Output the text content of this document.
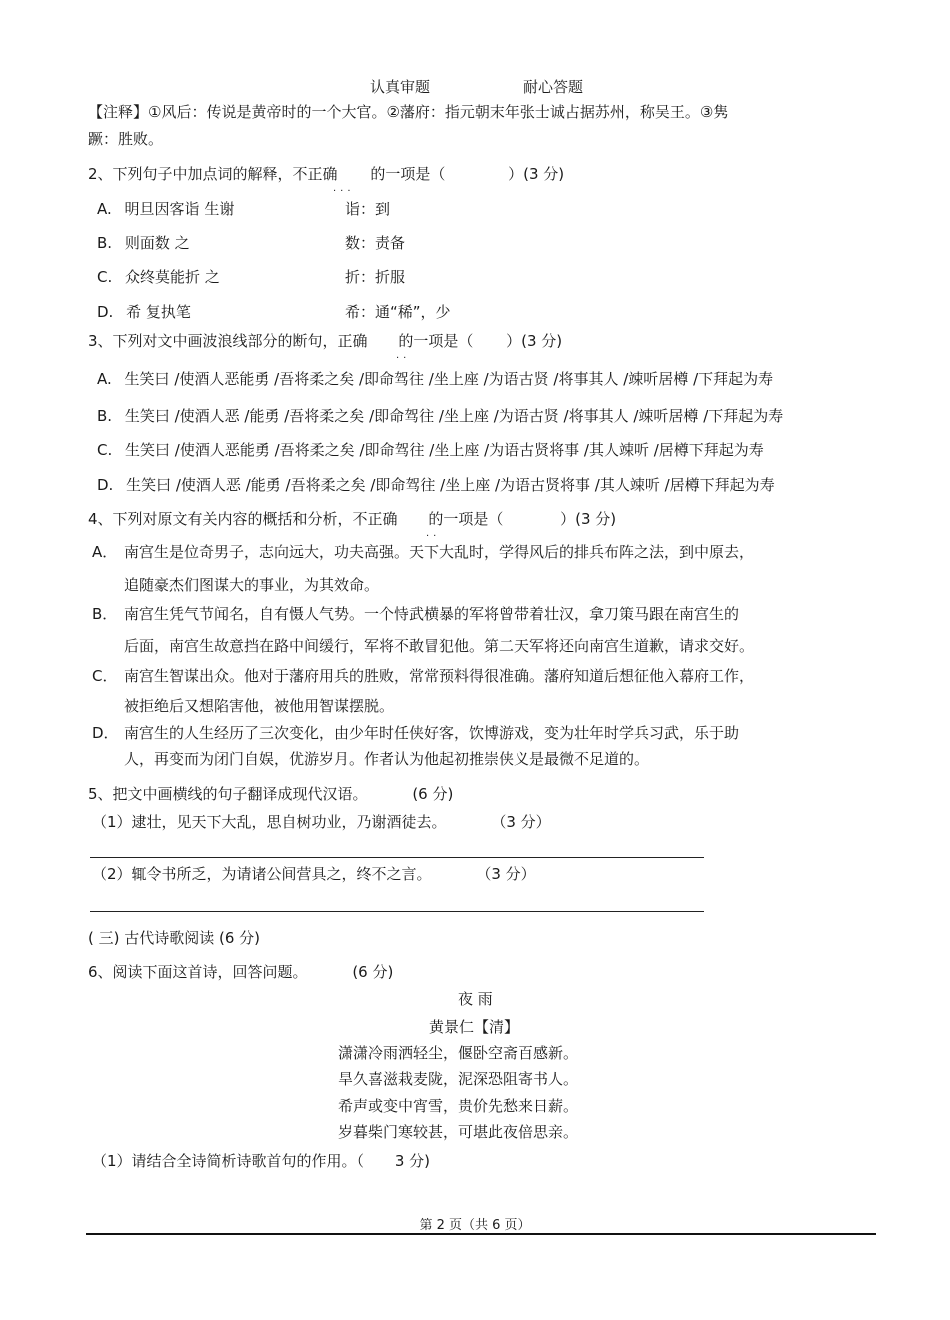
认真审题	耐心答题
【注释】①风后：传说是黄帝时的一个大官。②藩府：指元朝末年张士诚占据苏州，称吴王。③隽
蹶：胜败。
2、下列句子中加点词的解释，不正确
...
的一项是（	）(3 分)
A. 明旦因客诣 生谢	诣：到
B. 则面数 之	数：责备
C. 众终莫能折 之	折：折服
D. 希 复执笔	希：通“稀”，少
3、下列对文中画波浪线部分的断句，正确
..
的一项是（ ）(3 分)
A. 生笑曰 /使酒人恶能勇 /吾将柔之矣 /即命驾往 /坐上座 /为语古贤 /将事其人 /竦听居樽 /下拜起为寿
B. 生笑曰 /使酒人恶 /能勇 /吾将柔之矣 /即命驾往 /坐上座 /为语古贤 /将事其人 /竦听居樽 /下拜起为寿
C. 生笑曰 /使酒人恶能勇 /吾将柔之矣 /即命驾往 /坐上座 /为语古贤将事 /其人竦听 /居樽下拜起为寿
D. 生笑曰 /使酒人恶 /能勇 /吾将柔之矣 /即命驾往 /坐上座 /为语古贤将事 /其人竦听 /居樽下拜起为寿
4、下列对原文有关内容的概括和分析，不正确
..
的一项是（	）(3 分)
A． 南宫生是位奇男子，志向远大，功夫高强。天下大乱时，学得风后的排兵布阵之法，到中原去，
追随豪杰们图谋大的事业，为其效命。
B． 南宫生凭气节闻名，自有慑人气势。一个恃武横暴的军将曾带着壮汉，拿刀策马跟在南宫生的
后面，南宫生故意挡在路中间缓行，军将不敢冒犯他。第二天军将还向南宫生道歉，请求交好。
C． 南宫生智谋出众。他对于藩府用兵的胜败，常常预料得很准确。藩府知道后想征他入幕府工作，
被拒绝后又想陷害他，被他用智谋摆脱。
D． 南宫生的人生经历了三次变化，由少年时任侠好客，饮博游戏，变为壮年时学兵习武，乐于助
人，再变而为闭门自娱，优游岁月。作者认为他起初推崇侠义是最微不足道的。
5、把文中画横线的句子翻译成现代汉语。	(6 分)
（1）逮壮，见天下大乱，思自树功业，乃谢酒徒去。	（3 分）
（2）辄令书所乏，为请诸公间营具之，终不之言。	（3 分）
( 三) 古代诗歌阅读 (6 分)
6、阅读下面这首诗，回答问题。	(6 分)
夜 雨
黄景仁【清】
潇潇冷雨洒轻尘，偃卧空斋百感新。
旱久喜滋栽麦陇，泥深恐阻寄书人。
希声或变中宵雪，贵价先愁来日薪。
岁暮柴门寒较甚，可堪此夜倍思亲。
（1）请结合全诗简析诗歌首句的作用。（ 3 分)
第 2 页（共 6 页）
